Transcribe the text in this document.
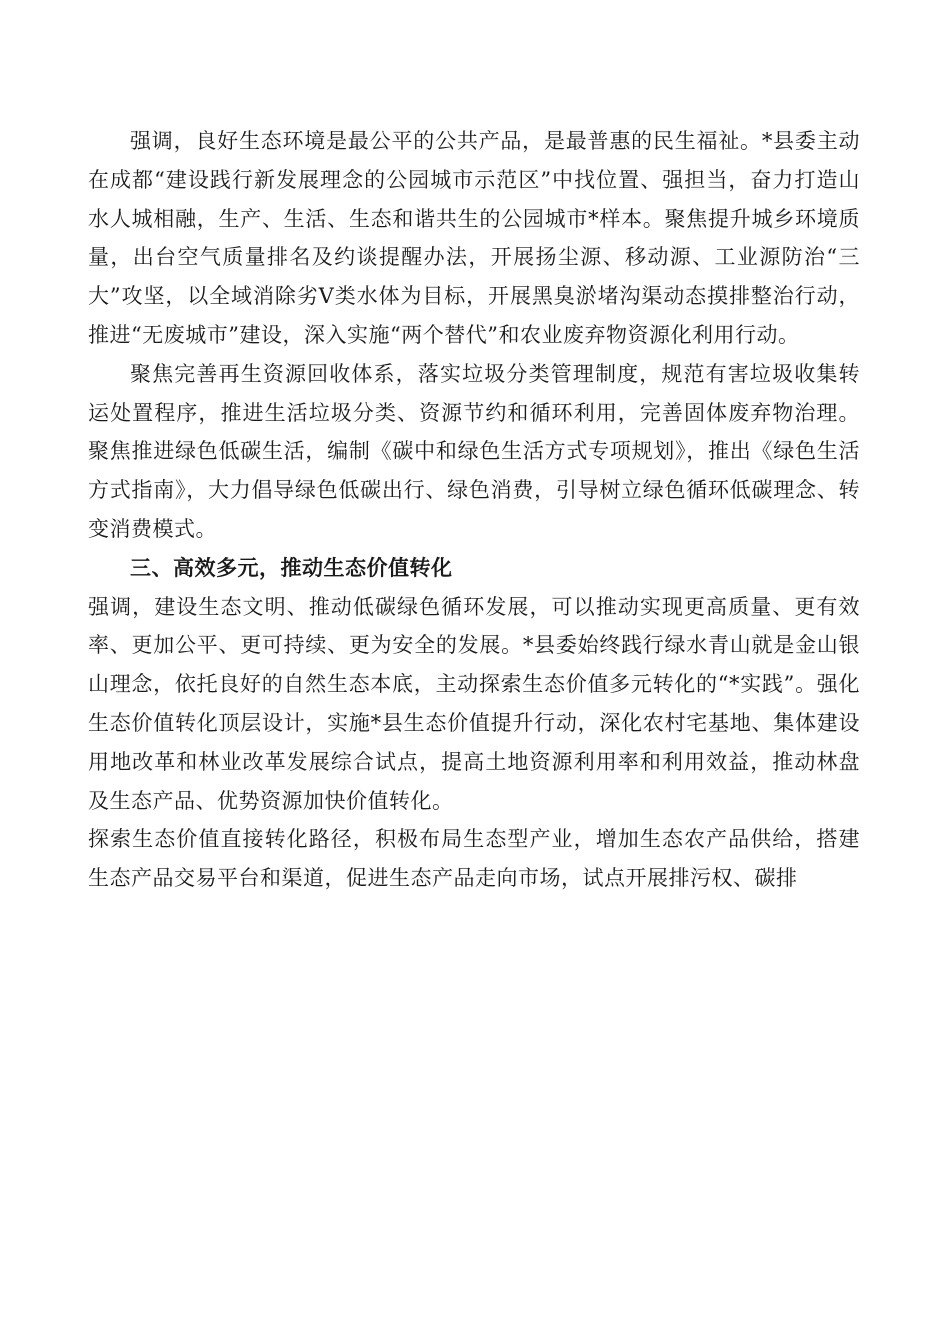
强调，良好生态环境是最公平的公共产品，是最普惠的民生福祉。*县委主动在成都“建设践行新发展理念的公园城市示范区”中找位置、强担当，奋力打造山水人城相融，生产、生活、生态和谐共生的公园城市*样本。聚焦提升城乡环境质量，出台空气质量排名及约谈提醒办法，开展扬尘源、移动源、工业源防治“三大”攻坚，以全域消除劣Ⅴ类水体为目标，开展黑臭淤堵沟渠动态摸排整治行动，推进“无废城市”建设，深入实施“两个替代”和农业废弃物资源化利用行动。

聚焦完善再生资源回收体系，落实垃圾分类管理制度，规范有害垃圾收集转运处置程序，推进生活垃圾分类、资源节约和循环利用，完善固体废弃物治理。聚焦推进绿色低碳生活，编制《碳中和绿色生活方式专项规划》，推出《绿色生活方式指南》，大力倡导绿色低碳出行、绿色消费，引导树立绿色循环低碳理念、转变消费模式。

三、高效多元，推动生态价值转化

强调，建设生态文明、推动低碳绿色循环发展，可以推动实现更高质量、更有效率、更加公平、更可持续、更为安全的发展。*县委始终践行绿水青山就是金山银山理念，依托良好的自然生态本底，主动探索生态价值多元转化的“*实践”。强化生态价值转化顶层设计，实施*县生态价值提升行动，深化农村宅基地、集体建设用地改革和林业改革发展综合试点，提高土地资源利用率和利用效益，推动林盘及生态产品、优势资源加快价值转化。

探索生态价值直接转化路径，积极布局生态型产业，增加生态农产品供给，搭建生态产品交易平台和渠道，促进生态产品走向市场，试点开展排污权、碳排
